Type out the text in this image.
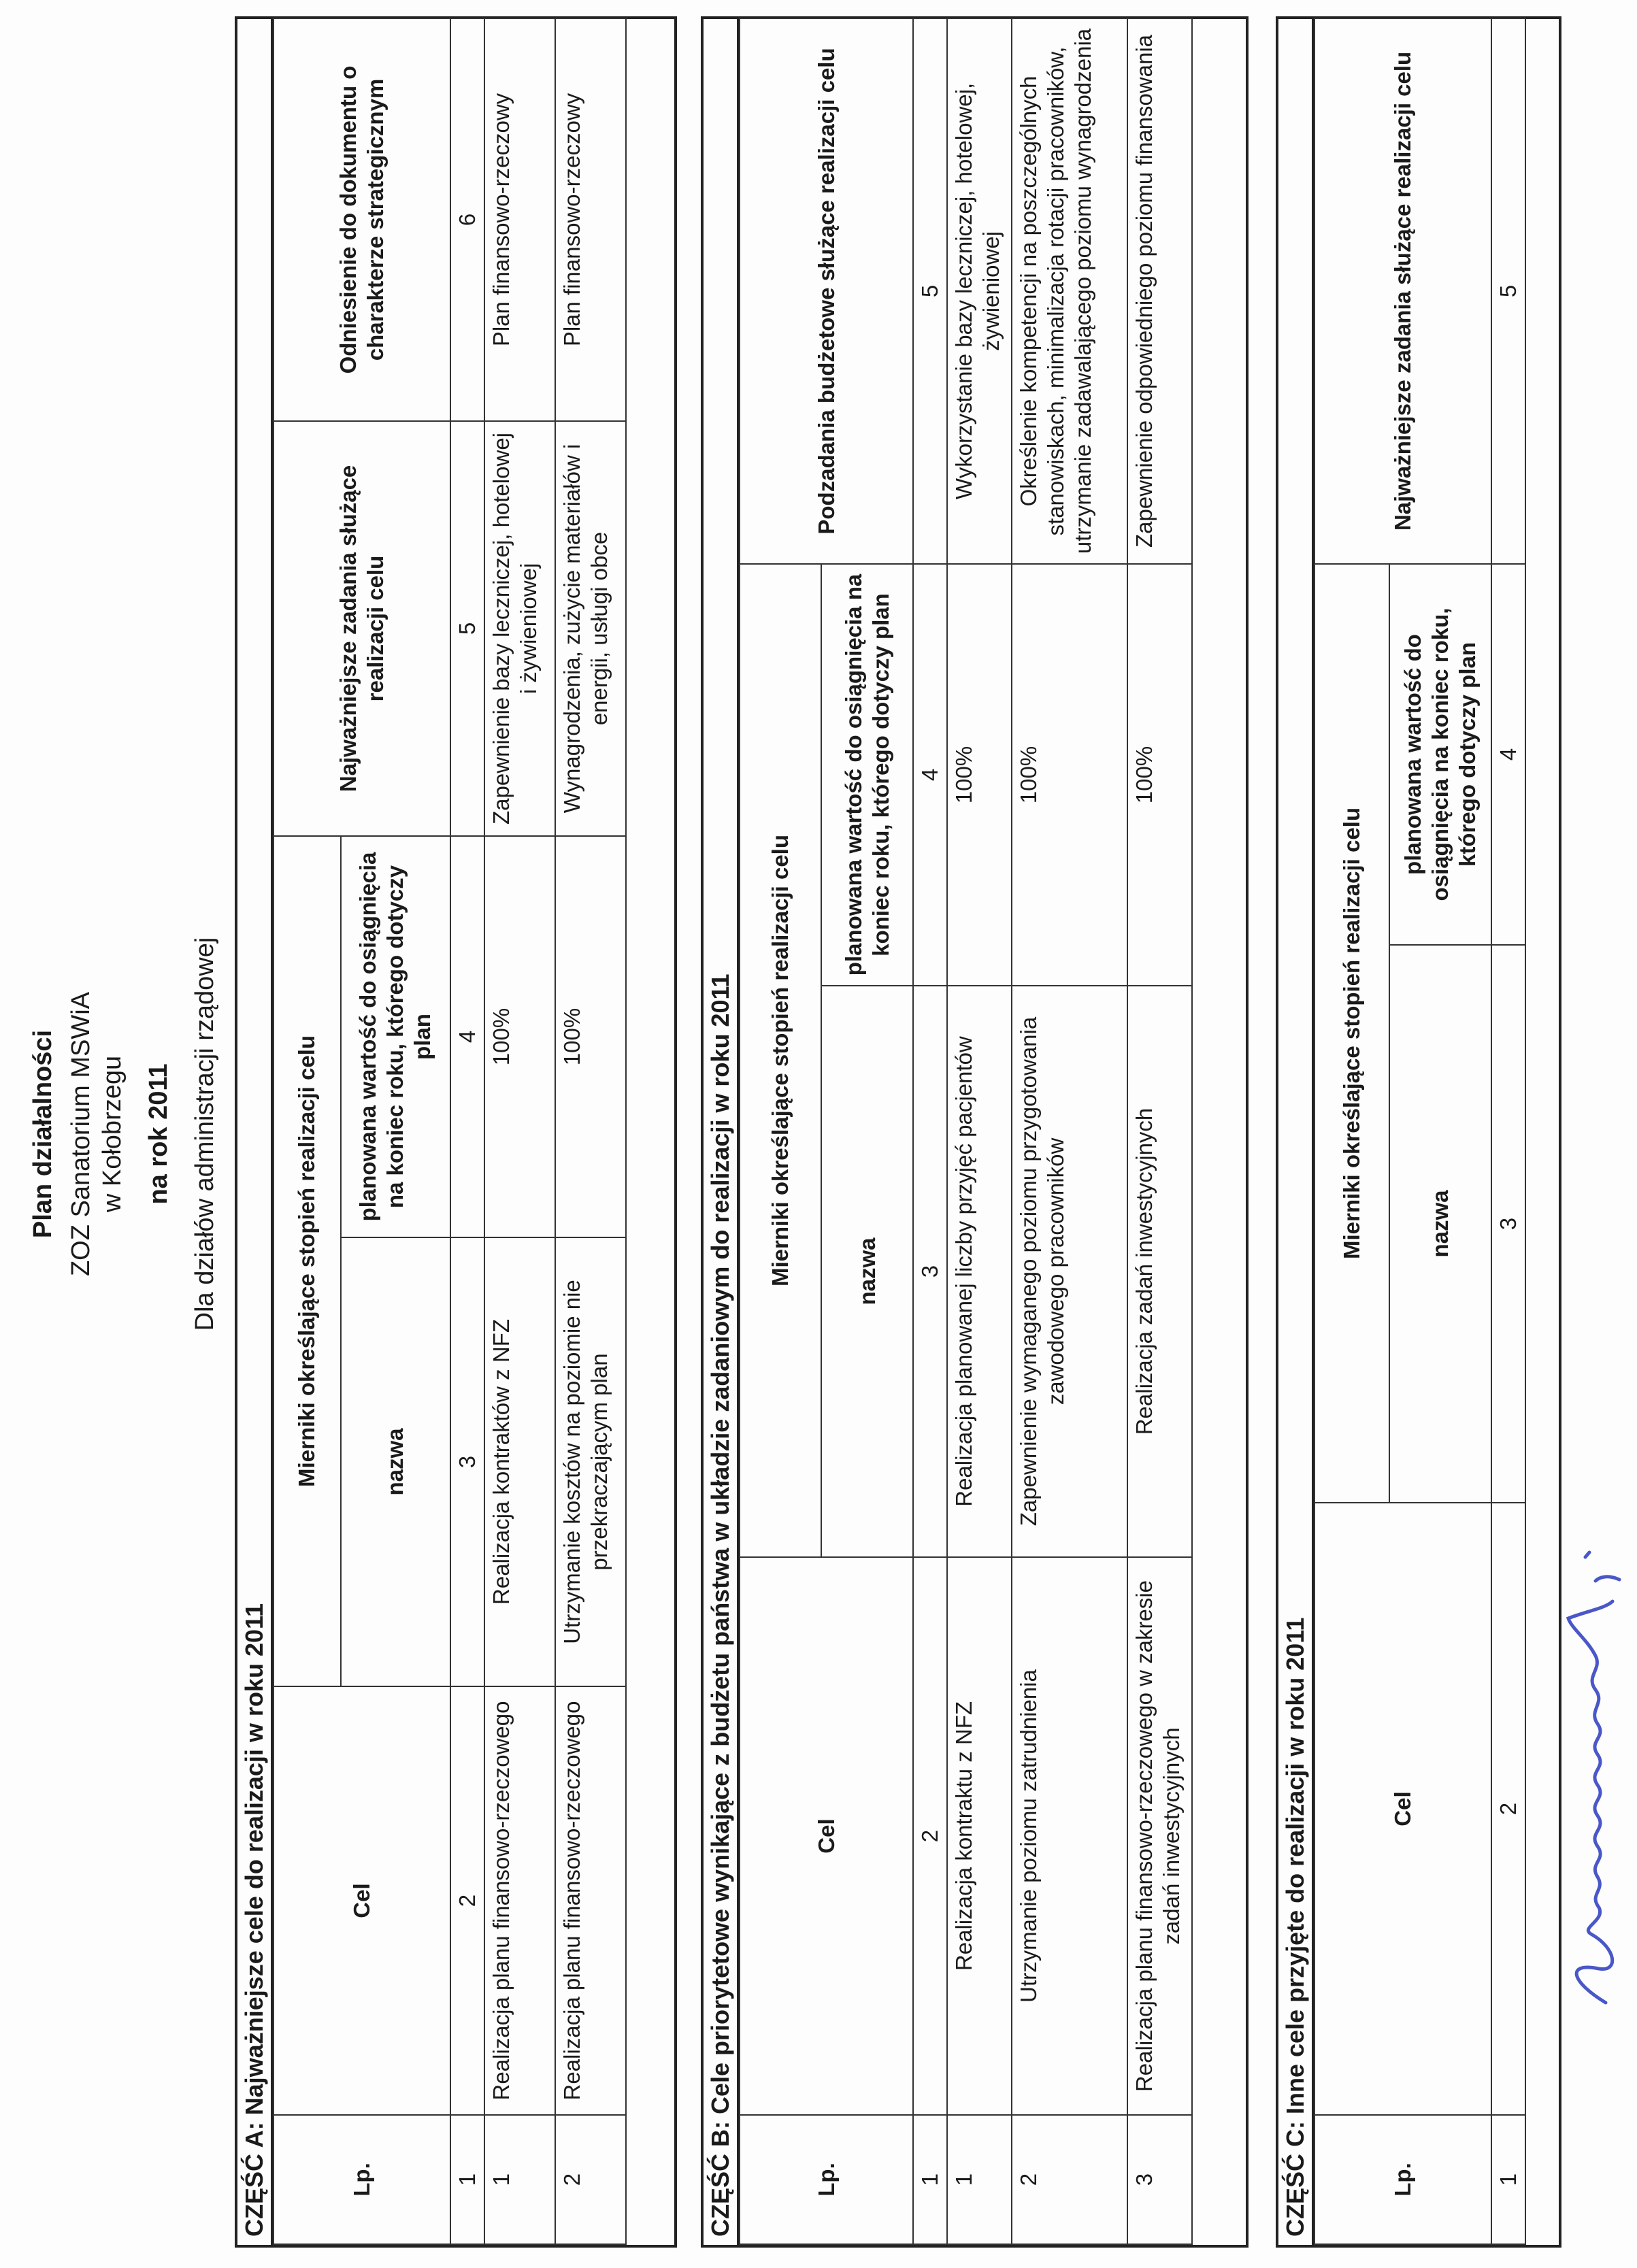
Plan działalności ZOZ Sanatorium MSWiA w Kołobrzegu na rok 2011 Dla działów administracji rządowej
CZĘŚĆ A: Najważniejsze cele do realizacji w roku 2011	Lp.	Cel	Mierniki określające stopień realizacji celu		Najważniejsze zadania służące realizacji celu	Odniesienie do dokumentu o charakterze strategicznym
		nazwa	planowana wartość do osiągnięcia na koniec roku, którego dotyczy plan		
1	2	3	4	5	6
1	Realizacja planu finansowo-rzeczowego	Realizacja kontraktów z NFZ	100%	Zapewnienie bazy leczniczej, hotelowej i żywieniowej	Plan finansowo-rzeczowy
2	Realizacja planu finansowo-rzeczowego	Utrzymanie kosztów na poziomie nie przekraczającym plan	100%	Wynagrodzenia, zużycie materiałów i energii, usługi obce	Plan finansowo-rzeczowy
CZĘŚĆ B: Cele priorytetowe wynikające z budżetu państwa w układzie zadaniowym do realizacji w roku 2011	Lp.	Cel	Mierniki określające stopień realizacji celu		Podzadania budżetowe służące realizacji celu
		nazwa	planowana wartość do osiągnięcia na koniec roku, którego dotyczy plan	
1	2	3	4	5
1	Realizacja kontraktu z NFZ	Realizacja planowanej liczby przyjęć pacjentów	100%	Wykorzystanie bazy leczniczej, hotelowej, żywieniowej
2	Utrzymanie poziomu zatrudnienia	Zapewnienie wymaganego poziomu przygotowania zawodowego pracowników	100%	Określenie kompetencji na poszczególnych stanowiskach, minimalizacja rotacji pracowników, utrzymanie zadawalającego poziomu wynagrodzenia
3	Realizacja planu finansowo-rzeczowego w zakresie zadań inwestycyjnych	Realizacja zadań inwestycyjnych	100%	Zapewnienie odpowiedniego poziomu finansowania
CZĘŚĆ C: Inne cele przyjęte do realizacji w roku 2011	Lp.	Cel	Mierniki określające stopień realizacji celu		Najważniejsze zadania służące realizacji celu
		nazwa	planowana wartość do osiągnięcia na koniec roku, którego dotyczy plan	
1	2	3	4	5
